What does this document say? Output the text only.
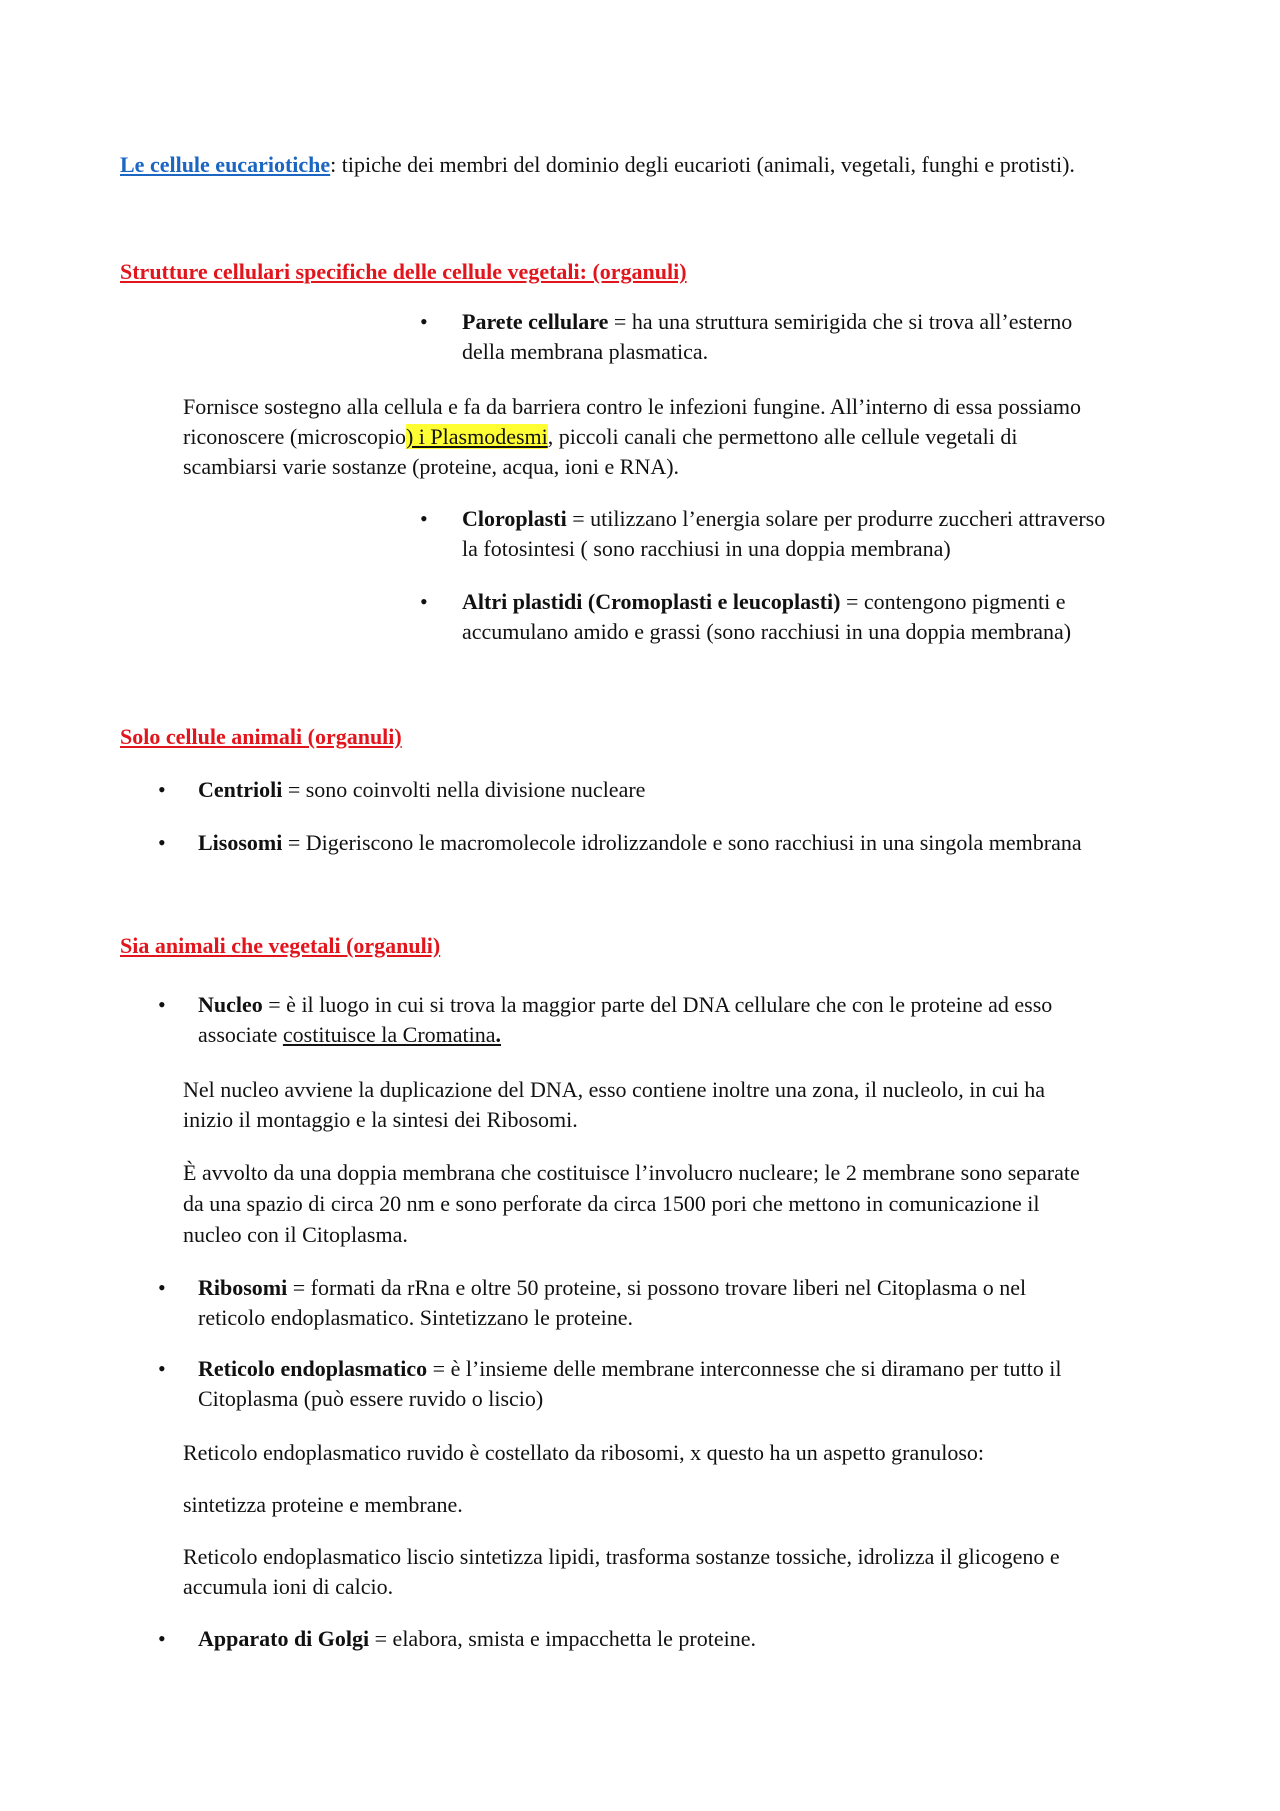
Le cellule eucariotiche: tipiche dei membri del dominio degli eucarioti (animali, vegetali, funghi e protisti).
Strutture cellulari specifiche delle cellule vegetali: (organuli)
•	Parete cellulare = ha una struttura semirigida che si trova all’esterno
della membrana plasmatica.
Fornisce sostegno alla cellula e fa da barriera contro le infezioni fungine. All’interno di essa possiamo
riconoscere (microscopio) i Plasmodesmi, piccoli canali che permettono alle cellule vegetali di
scambiarsi varie sostanze (proteine, acqua, ioni e RNA).
•	Cloroplasti = utilizzano l’energia solare per produrre zuccheri attraverso
la fotosintesi ( sono racchiusi in una doppia membrana)
•	Altri plastidi (Cromoplasti e leucoplasti) = contengono pigmenti e
accumulano amido e grassi (sono racchiusi in una doppia membrana)
Solo cellule animali (organuli)
•	Centrioli = sono coinvolti nella divisione nucleare
•	Lisosomi = Digeriscono le macromolecole idrolizzandole e sono racchiusi in una singola membrana
Sia animali che vegetali (organuli)
•	Nucleo = è il luogo in cui si trova la maggior parte del DNA cellulare che con le proteine ad esso
associate costituisce la Cromatina.
Nel nucleo avviene la duplicazione del DNA, esso contiene inoltre una zona, il nucleolo, in cui ha
inizio il montaggio e la sintesi dei Ribosomi.
È avvolto da una doppia membrana che costituisce l’involucro nucleare; le 2 membrane sono separate
da una spazio di circa 20 nm e sono perforate da circa 1500 pori che mettono in comunicazione il
nucleo con il Citoplasma.
•	Ribosomi = formati da rRna e oltre 50 proteine, si possono trovare liberi nel Citoplasma o nel
reticolo endoplasmatico. Sintetizzano le proteine.
•	Reticolo endoplasmatico = è l’insieme delle membrane interconnesse che si diramano per tutto il
Citoplasma (può essere ruvido o liscio)
Reticolo endoplasmatico ruvido è costellato da ribosomi, x questo ha un aspetto granuloso:
sintetizza proteine e membrane.
Reticolo endoplasmatico liscio sintetizza lipidi, trasforma sostanze tossiche, idrolizza il glicogeno e
accumula ioni di calcio.
•	Apparato di Golgi = elabora, smista e impacchetta le proteine.
